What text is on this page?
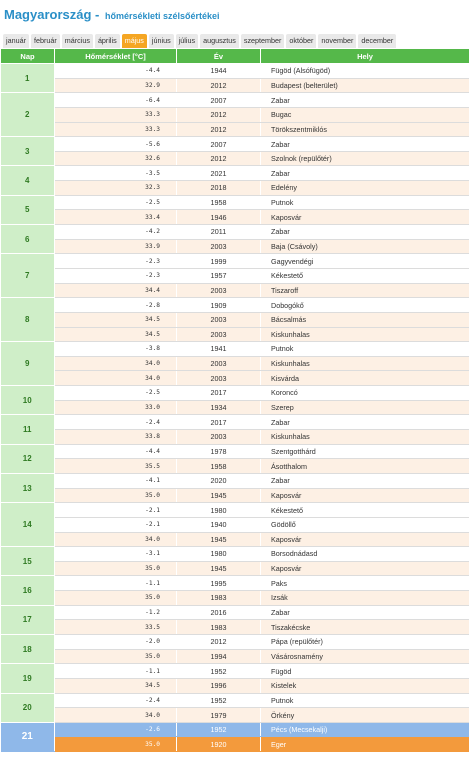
Magyarország - hőmérsékleti szélsőértékei
január	február	március	április	május	június	július	augusztus	szeptember	október	november	december
Nap	Hőmérséklet [°C]	Év	Hely
1	-4.4	1944	Fügöd (Alsófügöd)
	32.9	2012	Budapest (belterület)
2	-6.4	2007	Zabar
	33.3	2012	Bugac
	33.3	2012	Törökszentmiklós
3	-5.6	2007	Zabar
	32.6	2012	Szolnok (repülőtér)
4	-3.5	2021	Zabar
	32.3	2018	Edelény
5	-2.5	1958	Putnok
	33.4	1946	Kaposvár
6	-4.2	2011	Zabar
	33.9	2003	Baja (Csávoly)
7	-2.3	1999	Gagyvendégi
	-2.3	1957	Kékestető
	34.4	2003	Tiszaroff
8	-2.8	1909	Dobogókő
	34.5	2003	Bácsalmás
	34.5	2003	Kiskunhalas
9	-3.8	1941	Putnok
	34.0	2003	Kiskunhalas
	34.0	2003	Kisvárda
10	-2.5	2017	Koroncó
	33.0	1934	Szerep
11	-2.4	2017	Zabar
	33.8	2003	Kiskunhalas
12	-4.4	1978	Szentgotthárd
	35.5	1958	Ásotthalom
13	-4.1	2020	Zabar
	35.0	1945	Kaposvár
14	-2.1	1980	Kékestető
	-2.1	1940	Gödöllő
	34.0	1945	Kaposvár
15	-3.1	1980	Borsodnádasd
	35.0	1945	Kaposvár
16	-1.1	1995	Paks
	35.0	1983	Izsák
17	-1.2	2016	Zabar
	33.5	1983	Tiszakécske
18	-2.0	2012	Pápa (repülőtér)
	35.0	1994	Vásárosnamény
19	-1.1	1952	Fügöd
	34.5	1996	Kistelek
20	-2.4	1952	Putnok
	34.0	1979	Örkény
21	-2.6	1952	Pécs (Mecsekalji)
	35.0	1920	Eger
